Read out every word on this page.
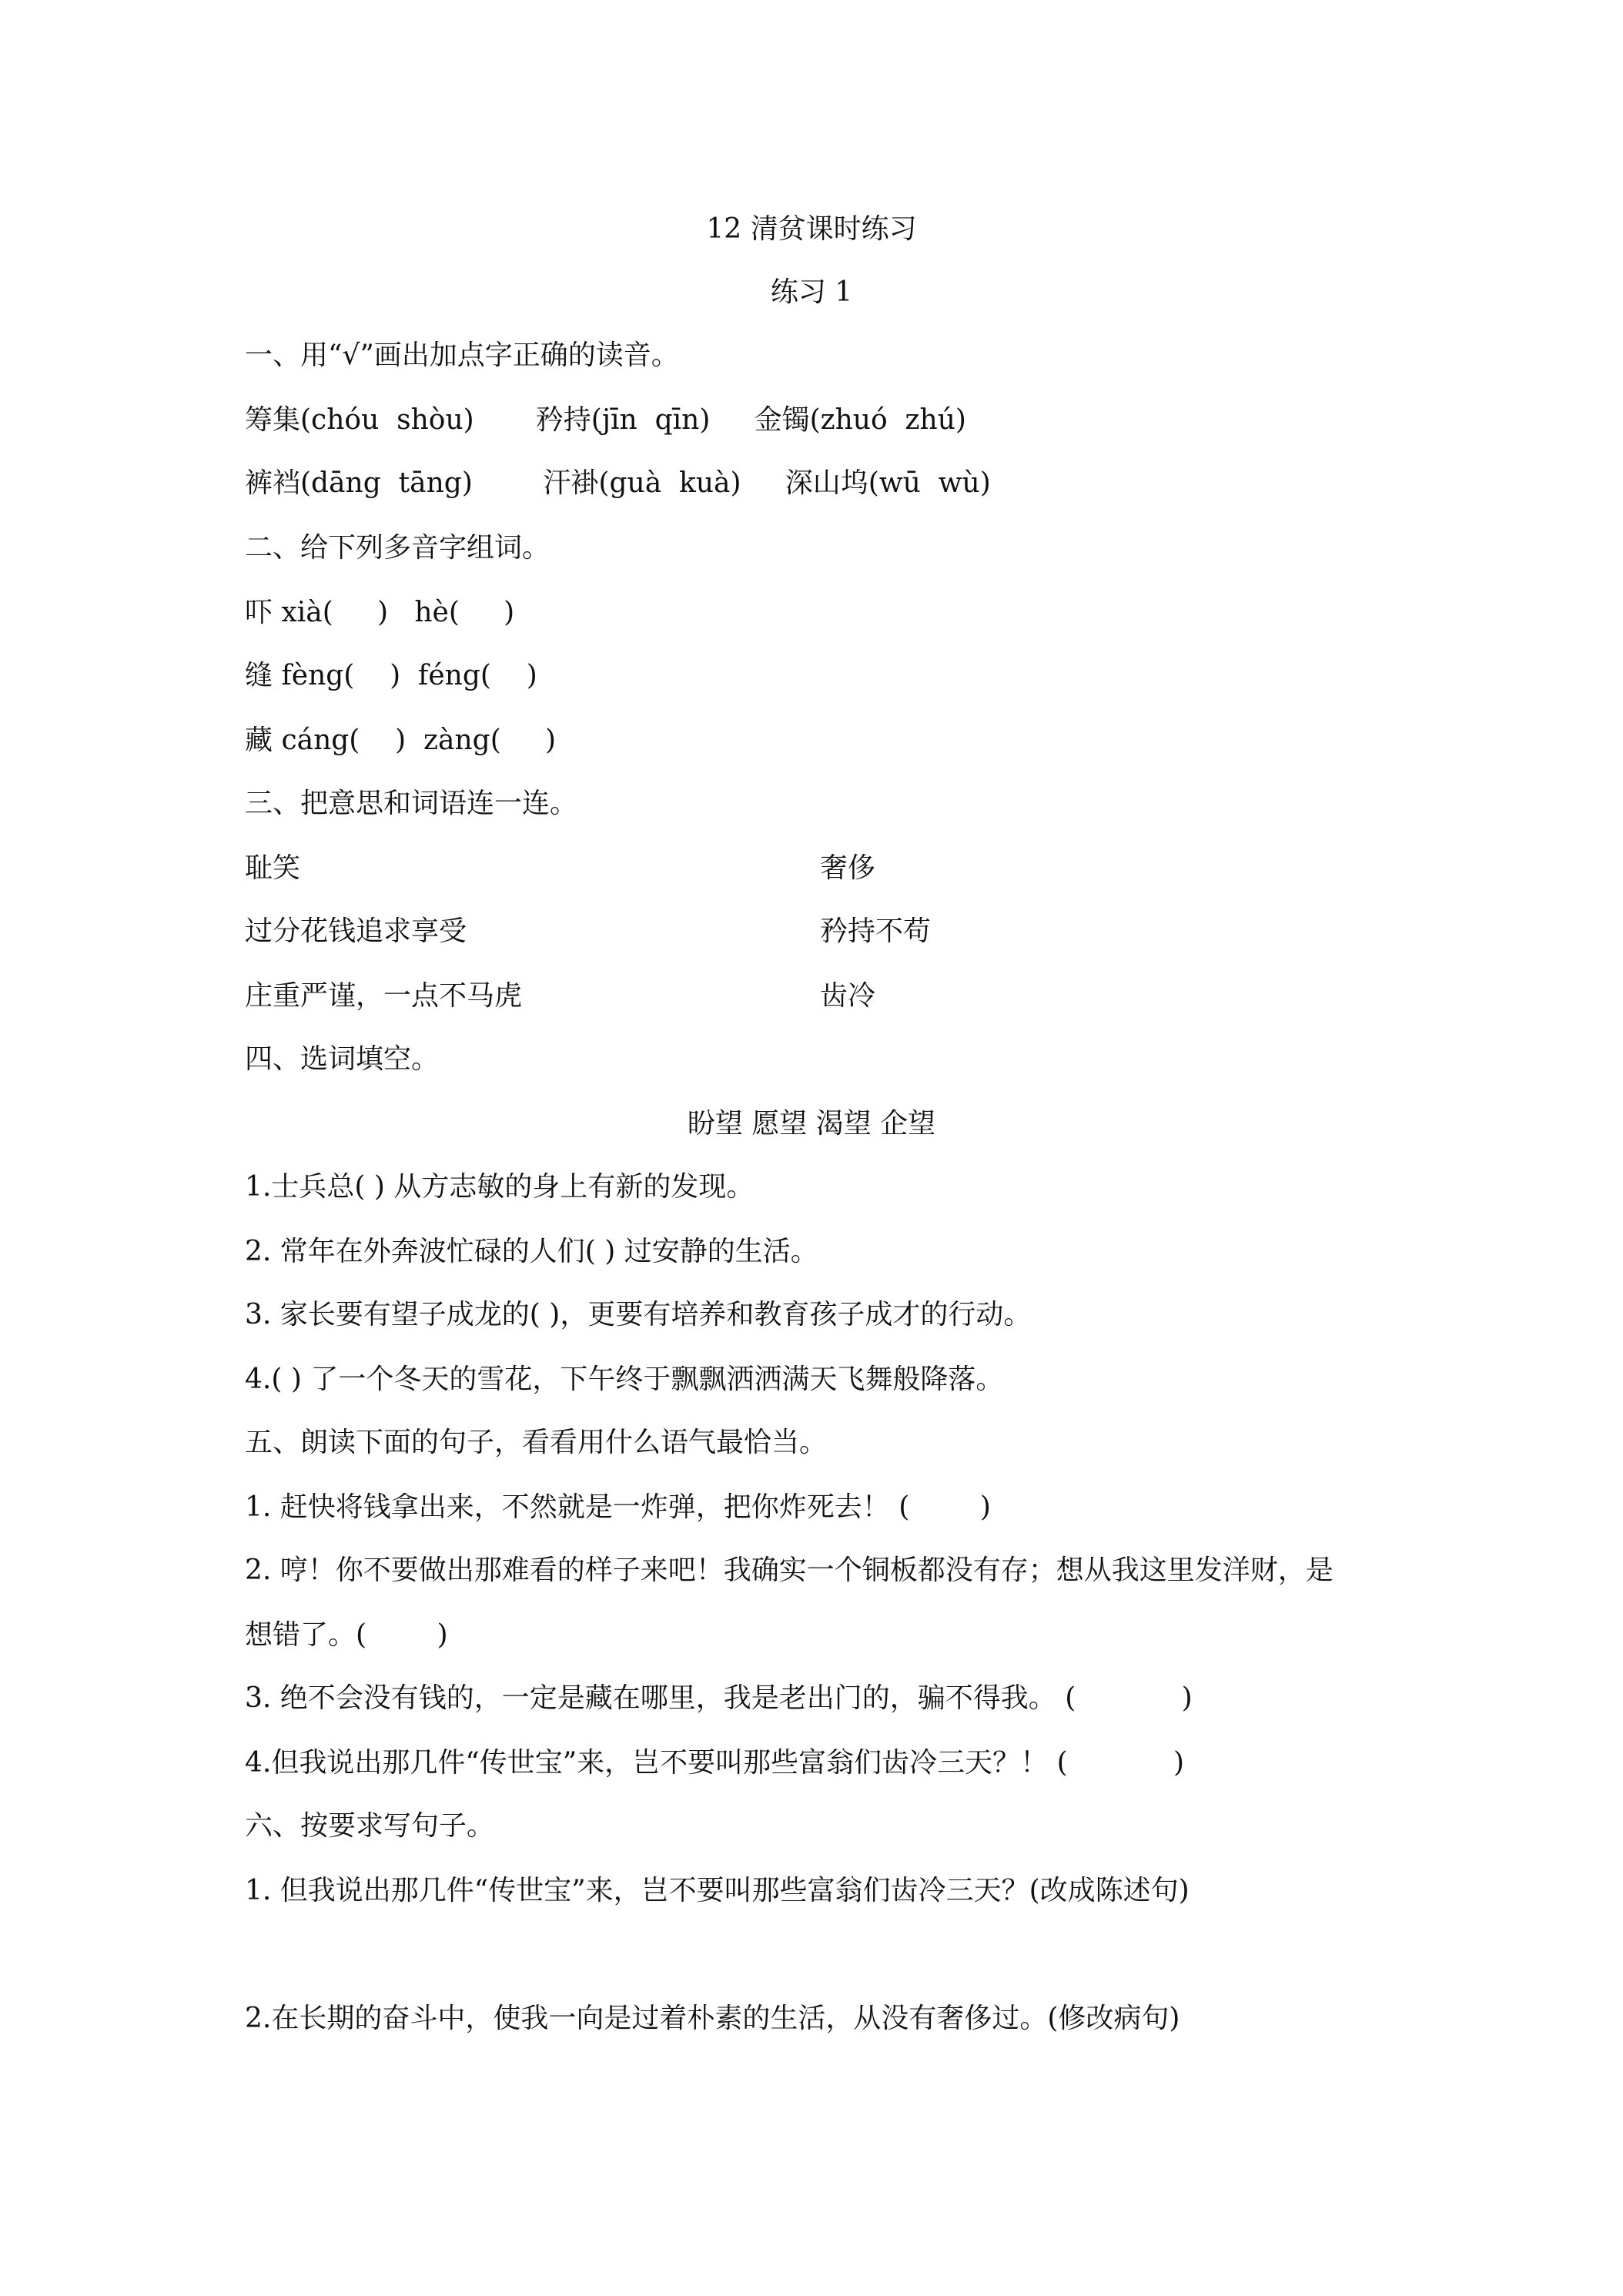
12 清贫课时练习
练习 1
一、用“√”画出加点字正确的读音。
筹集(chóu  shòu)       矜持(jīn  qīn)     金镯(zhuó  zhú)
裤裆(dāng  tāng)        汗褂(guà  kuà)     深山坞(wū  wù)
二、给下列多音字组词。
吓 xià(     )   hè(     )
缝 fèng(    )  féng(    )
藏 cáng(    )  zàng(     )
三、把意思和词语连一连。
耻笑	奢侈
过分花钱追求享受	矜持不苟
庄重严谨，一点不马虎	齿冷
四、选词填空。
盼望 愿望 渴望 企望
1.士兵总( ) 从方志敏的身上有新的发现。
2. 常年在外奔波忙碌的人们( ) 过安静的生活。
3. 家长要有望子成龙的( )，更要有培养和教育孩子成才的行动。
4.( ) 了一个冬天的雪花，下午终于飘飘洒洒满天飞舞般降落。
五、朗读下面的句子，看看用什么语气最恰当。
1. 赶快将钱拿出来，不然就是一炸弹，把你炸死去！ (        )
2. 哼！你不要做出那难看的样子来吧！我确实一个铜板都没有存；想从我这里发洋财，是
想错了。(        )
3. 绝不会没有钱的，一定是藏在哪里，我是老出门的，骗不得我。 (            )
4.但我说出那几件“传世宝”来，岂不要叫那些富翁们齿冷三天？！ (            )
六、按要求写句子。
1. 但我说出那几件“传世宝”来，岂不要叫那些富翁们齿冷三天？(改成陈述句)
2.在长期的奋斗中，使我一向是过着朴素的生活，从没有奢侈过。(修改病句)
